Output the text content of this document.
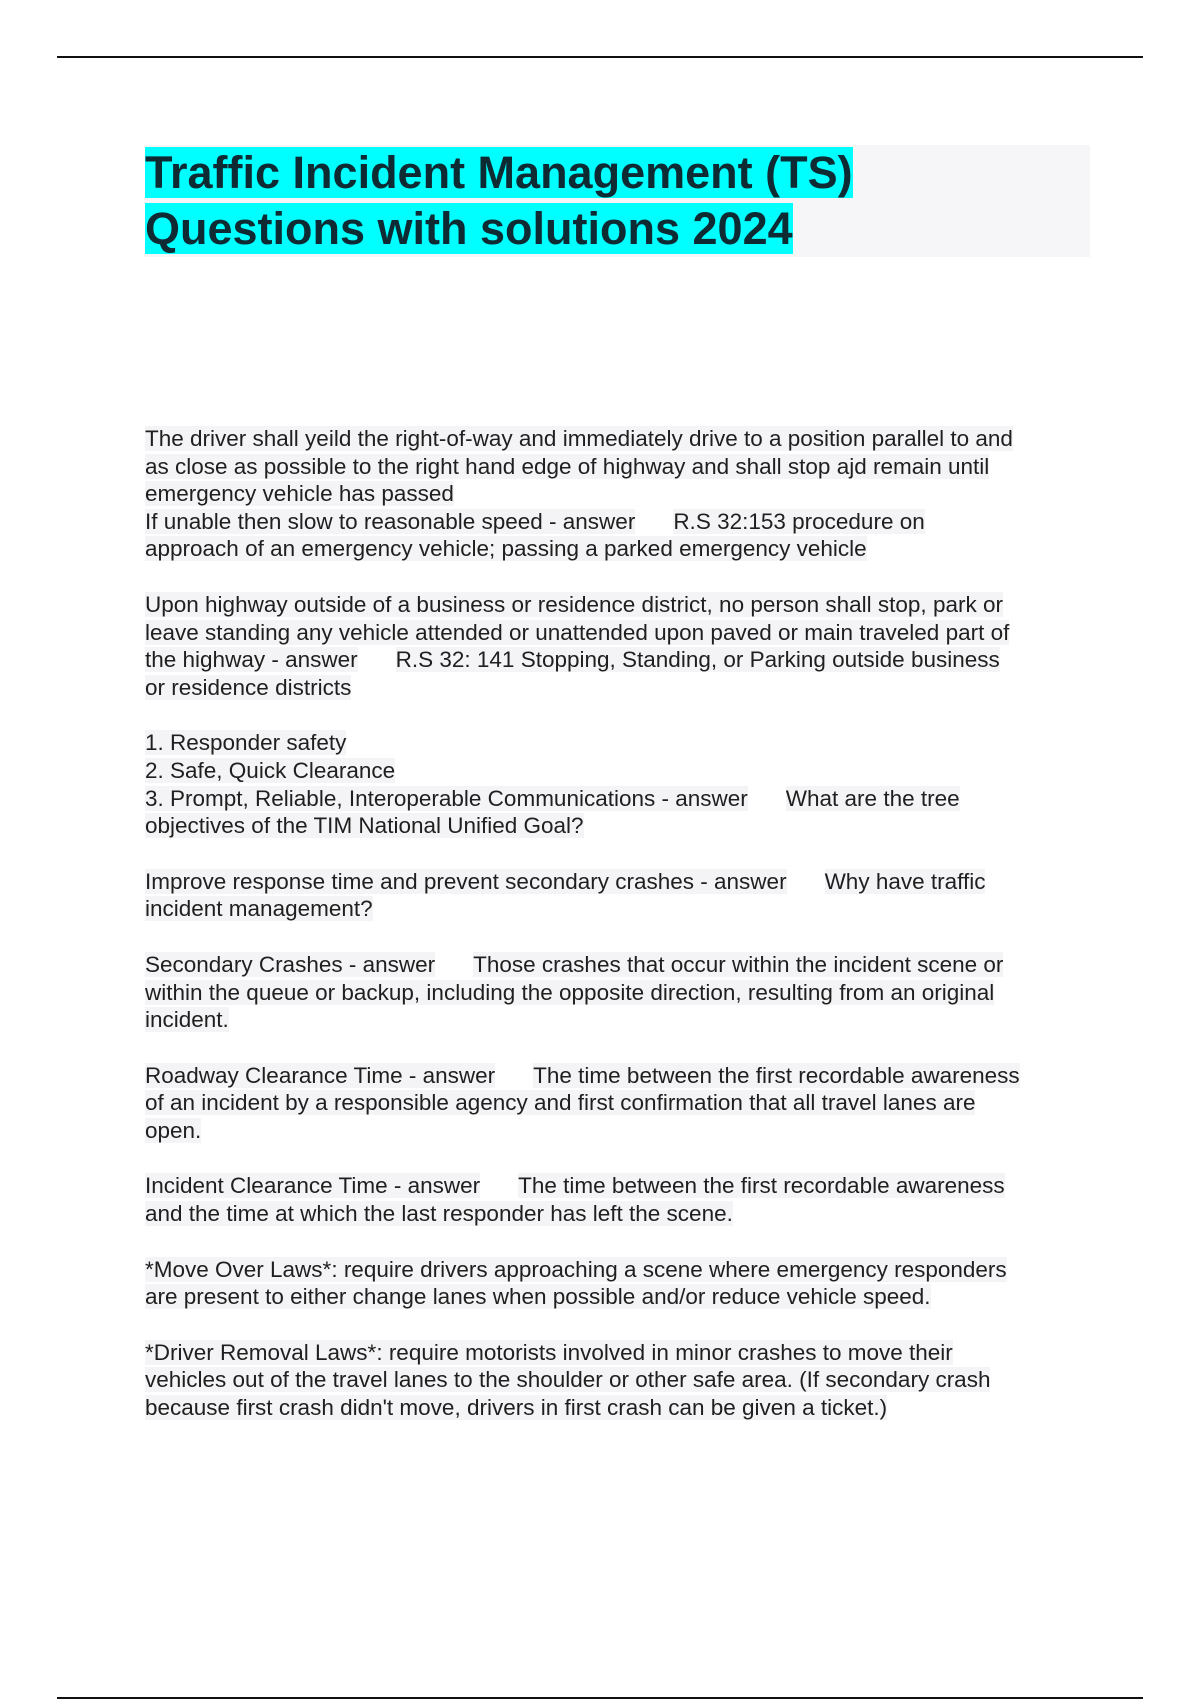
Traffic Incident Management (TS)
Questions with solutions 2024

The driver shall yeild the right-of-way and immediately drive to a position parallel to and
as close as possible to the right hand edge of highway and shall stop ajd remain until
emergency vehicle has passed
If unable then slow to reasonable speed - answer R.S 32:153 procedure on
approach of an emergency vehicle; passing a parked emergency vehicle

Upon highway outside of a business or residence district, no person shall stop, park or
leave standing any vehicle attended or unattended upon paved or main traveled part of
the highway - answer R.S 32: 141 Stopping, Standing, or Parking outside business
or residence districts

1. Responder safety
2. Safe, Quick Clearance
3. Prompt, Reliable, Interoperable Communications - answer What are the tree
objectives of the TIM National Unified Goal?

Improve response time and prevent secondary crashes - answer Why have traffic
incident management?

Secondary Crashes - answer Those crashes that occur within the incident scene or
within the queue or backup, including the opposite direction, resulting from an original
incident.

Roadway Clearance Time - answer The time between the first recordable awareness
of an incident by a responsible agency and first confirmation that all travel lanes are
open.

Incident Clearance Time - answer The time between the first recordable awareness
and the time at which the last responder has left the scene.

*Move Over Laws*: require drivers approaching a scene where emergency responders
are present to either change lanes when possible and/or reduce vehicle speed.

*Driver Removal Laws*: require motorists involved in minor crashes to move their
vehicles out of the travel lanes to the shoulder or other safe area. (If secondary crash
because first crash didn't move, drivers in first crash can be given a ticket.)
